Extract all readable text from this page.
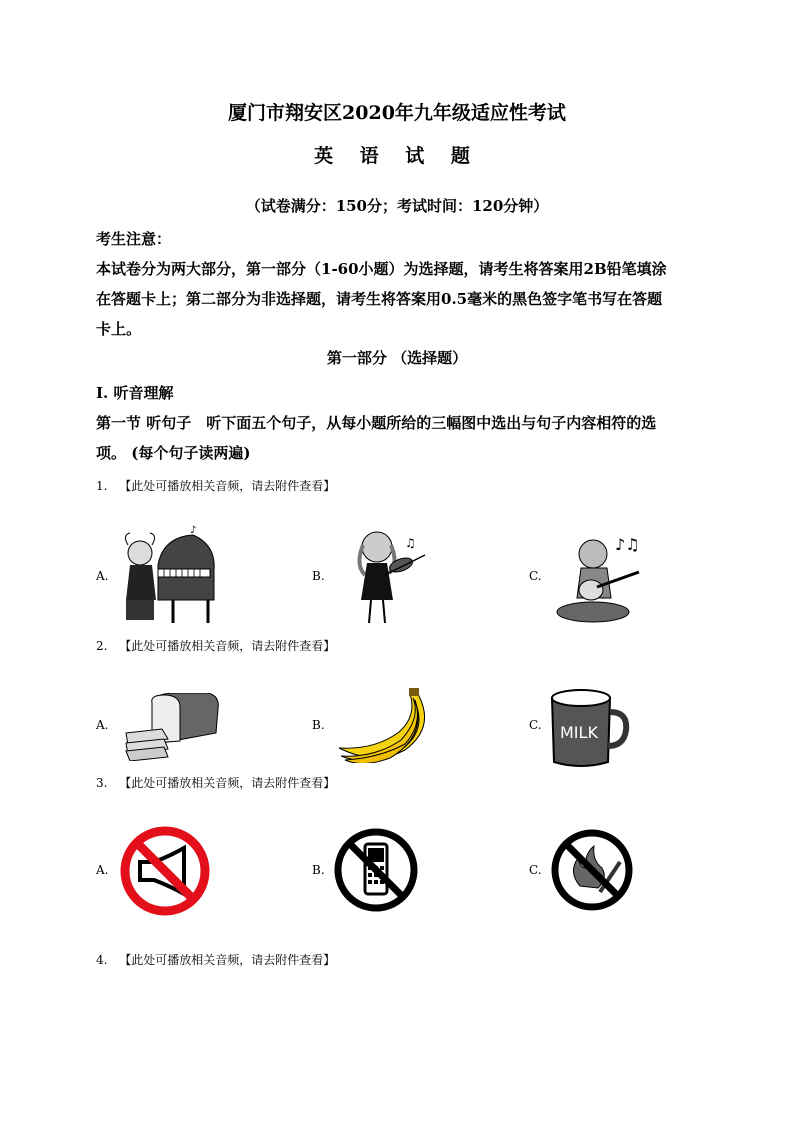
厦门市翔安区2020年九年级适应性考试
英 语 试 题
（试卷满分：150分；考试时间：120分钟）
考生注意：
本试卷分为两大部分，第一部分（1-60小题）为选择题，请考生将答案用2B铅笔填涂
在答题卡上；第二部分为非选择题，请考生将答案用0.5毫米的黑色签字笔书写在答题
卡上。
第一部分 （选择题）
I. 听音理解
第一节 听句子　听下面五个句子，从每小题所给的三幅图中选出与句子内容相符的选
项。 (每个句子读两遍)
1. 【此处可播放相关音频，请去附件查看】
A.	B.	C.
♪
♫	♪♫
2. 【此处可播放相关音频，请去附件查看】
A.	B.	C. MILK
3. 【此处可播放相关音频，请去附件查看】
A.	B.	C.
4. 【此处可播放相关音频，请去附件查看】
